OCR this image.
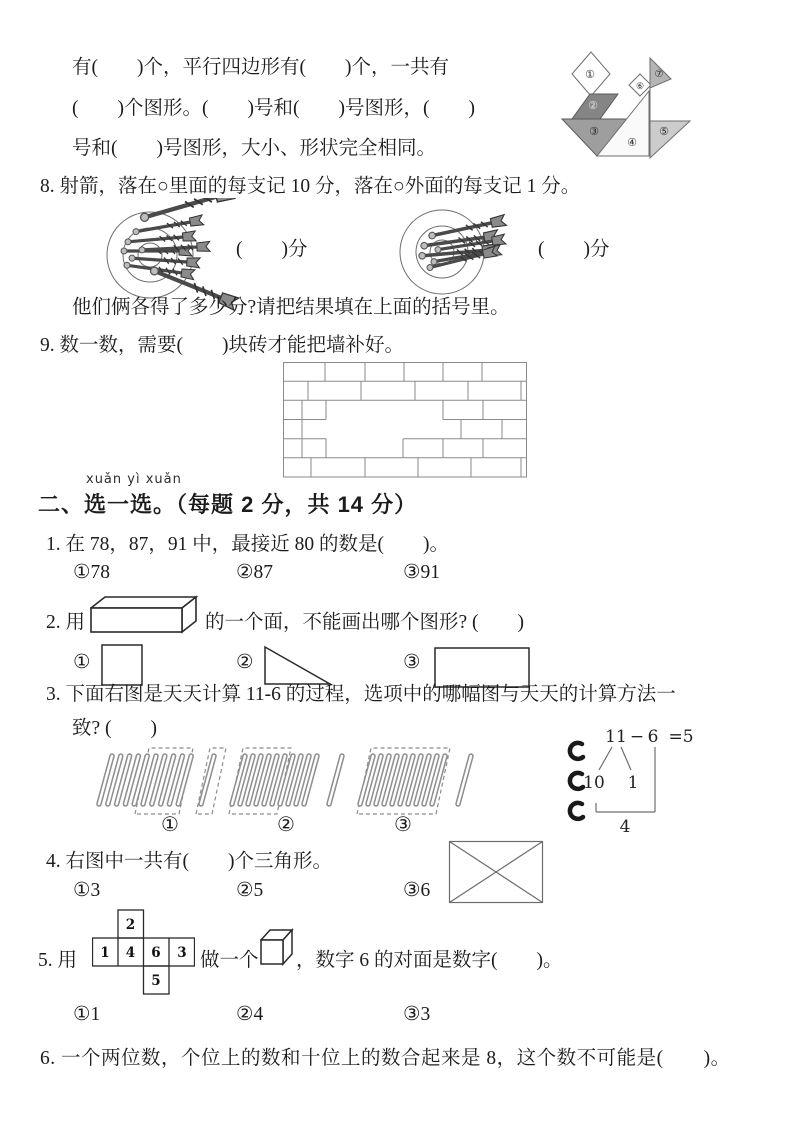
有(　　)个，平行四边形有(　　)个，一共有
(　　)个图形。(　　)号和(　　)号图形，(　　)
号和(　　)号图形，大小、形状完全相同。
①
②
③
④
⑤
⑥
⑦
8. 射箭，落在○里面的每支记 10 分，落在○外面的每支记 1 分。
(　　)分	(　　)分
他们俩各得了多少分?请把结果填在上面的括号里。
9. 数一数，需要(　　)块砖才能把墙补好。
xuǎn yì xuǎn
二、选一选。（每题 2 分，共 14 分）
1. 在 78，87，91 中，最接近 80 的数是(　　)。
①78	②87	③91
2. 用	的一个面，不能画出哪个图形? (　　)
①	②	③
3. 下面右图是天天计算 11-6 的过程，选项中的哪幅图与天天的计算方法一
致? (　　)
①	②	③
11 − 6 =5
10 1
4
4. 右图中一共有(　　)个三角形。
①3	②5	③6
5. 用
2
1 4 6 3
5
做一个 ，数字 6 的对面是数字(　　)。
①1	②4	③3
6. 一个两位数，个位上的数和十位上的数合起来是 8，这个数不可能是(　　)。
